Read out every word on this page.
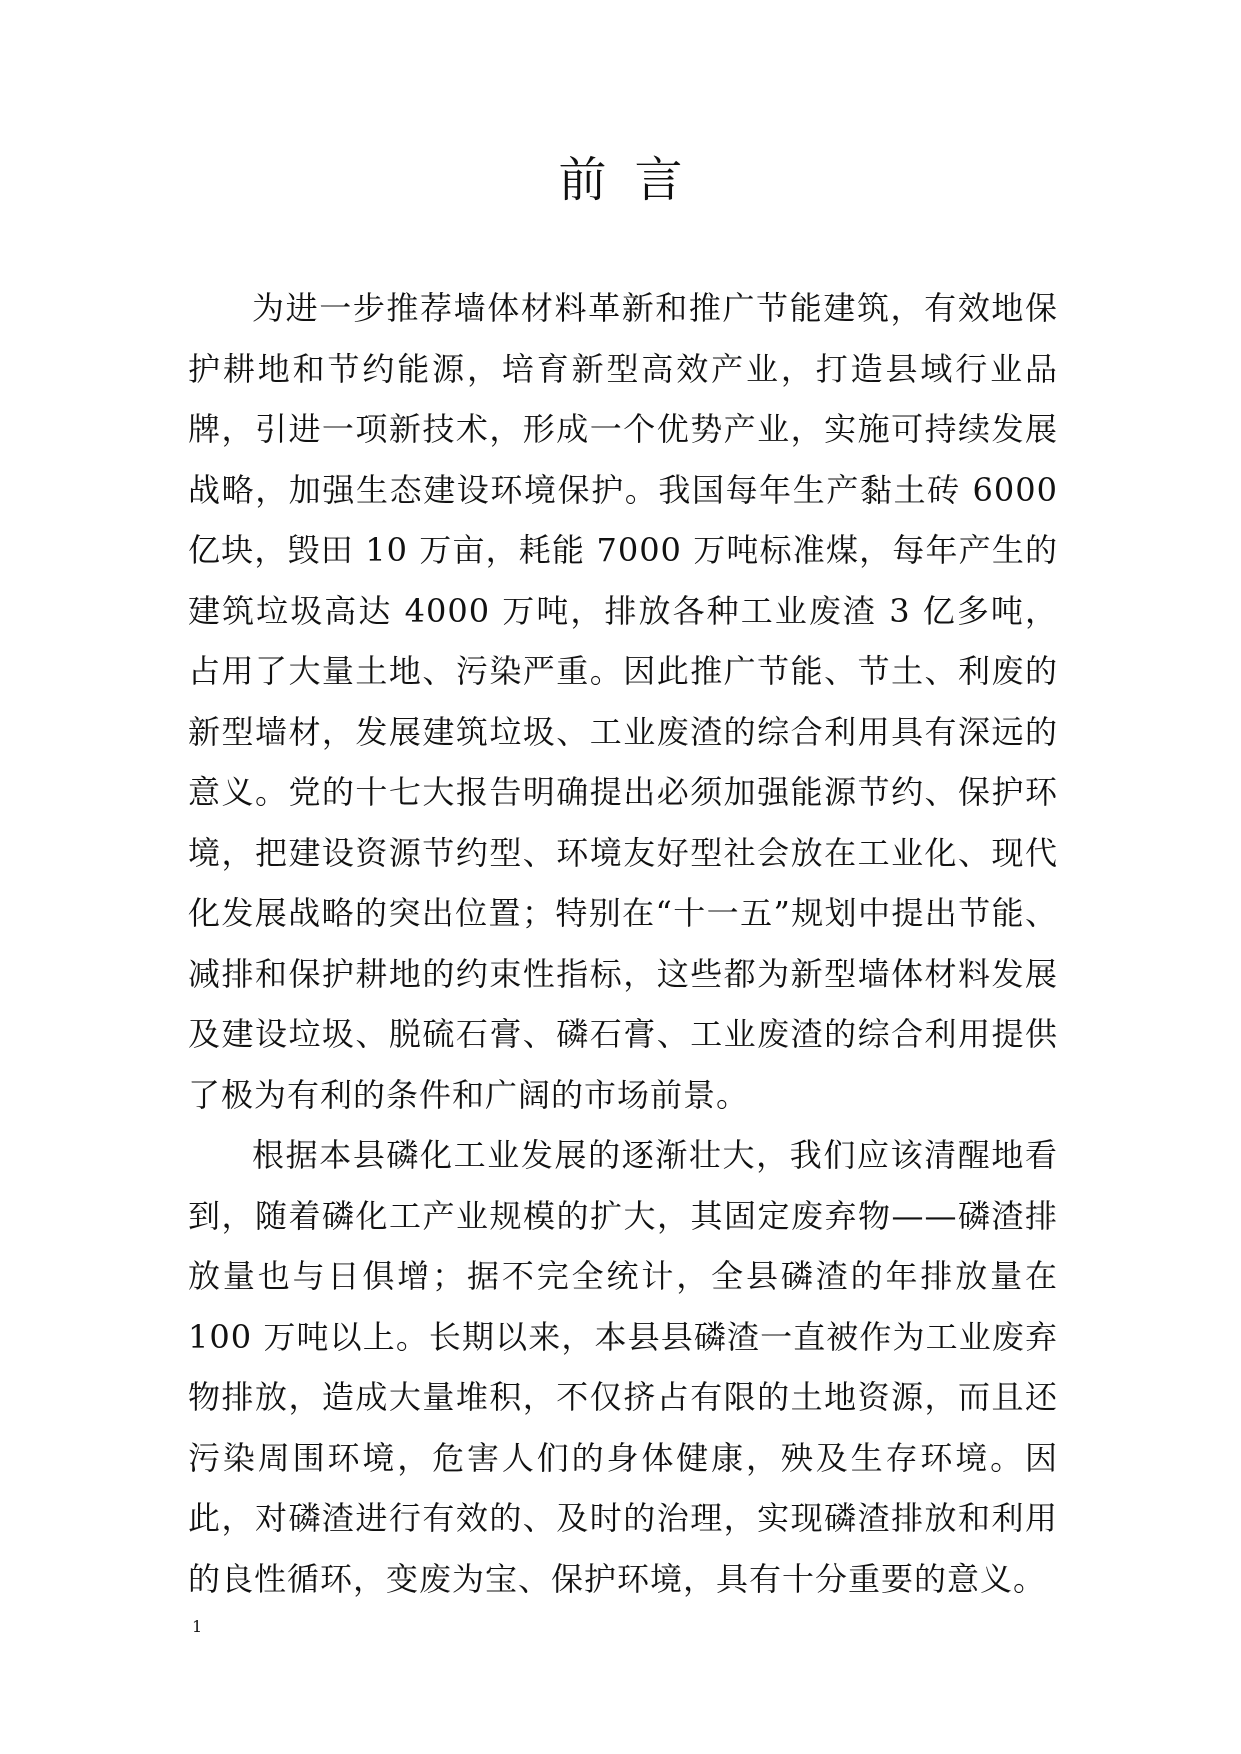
前言

为进一步推荐墙体材料革新和推广节能建筑，有效地保护耕地和节约能源，培育新型高效产业，打造县域行业品牌，引进一项新技术，形成一个优势产业，实施可持续发展战略，加强生态建设环境保护。我国每年生产黏土砖 6000 亿块，毁田 10 万亩，耗能 7000 万吨标准煤，每年产生的建筑垃圾高达 4000 万吨，排放各种工业废渣 3 亿多吨，占用了大量土地、污染严重。因此推广节能、节土、利废的新型墙材，发展建筑垃圾、工业废渣的综合利用具有深远的意义。党的十七大报告明确提出必须加强能源节约、保护环境，把建设资源节约型、环境友好型社会放在工业化、现代化发展战略的突出位置；特别在“十一五”规划中提出节能、减排和保护耕地的约束性指标，这些都为新型墙体材料发展及建设垃圾、脱硫石膏、磷石膏、工业废渣的综合利用提供了极为有利的条件和广阔的市场前景。

根据本县磷化工业发展的逐渐壮大，我们应该清醒地看到，随着磷化工产业规模的扩大，其固定废弃物——磷渣排放量也与日俱增；据不完全统计，全县磷渣的年排放量在 100 万吨以上。长期以来，本县县磷渣一直被作为工业废弃物排放，造成大量堆积，不仅挤占有限的土地资源，而且还污染周围环境，危害人们的身体健康，殃及生存环境。因此，对磷渣进行有效的、及时的治理，实现磷渣排放和利用的良性循环，变废为宝、保护环境，具有十分重要的意义。

1
